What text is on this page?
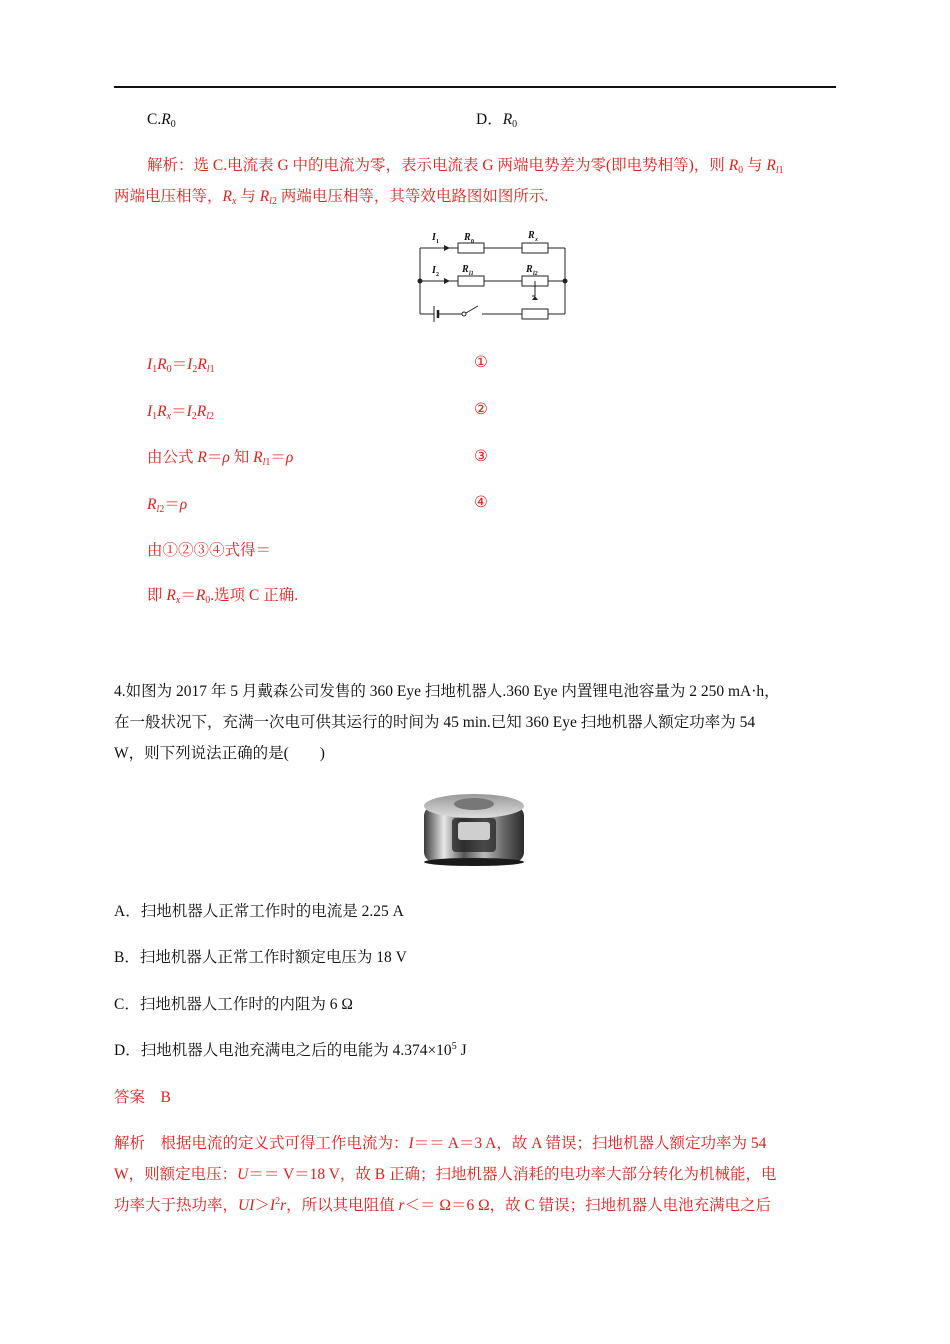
$C.R_0$	D．$R_0$
解析：选 C.电流表 G 中的电流为零，表示电流表 G 两端电势差为零(即电势相等)，则 $R_0$ 与 $R_{l1}$
两端电压相等，$R_x$ 与 $R_{l2}$ 两端电压相等，其等效电路图如图所示.
I 1	R 0
R x
I 2 R l1	R l2
$I_1R_0=I_2R_{l1}$	①
$I_1R_x=I_2R_{l2}$	②
由公式 R＝ρ 知 $R_{l1}=\rho$	③
$R_{l2}=\rho$	④
由①②③④式得＝
即 $R_x=R_0$.选项 C 正确.
4.如图为 2017 年 5 月戴森公司发售的 360 Eye 扫地机器人.360 Eye 内置锂电池容量为 2 250 mA·h，
在一般状况下，充满一次电可供其运行的时间为 45 min.已知 360 Eye 扫地机器人额定功率为 54
W，则下列说法正确的是(　　)
A．扫地机器人正常工作时的电流是 2.25 A
B．扫地机器人正常工作时额定电压为 18 V
C．扫地机器人工作时的内阻为 6 Ω
D．扫地机器人电池充满电之后的电能为 $4.374\times 10^5$ J
答案　B
解析　根据电流的定义式可得工作电流为：I＝＝ A＝3 A，故 A 错误；扫地机器人额定功率为 54
W，则额定电压：U＝＝ V＝18 V，故 B 正确；扫地机器人消耗的电功率大部分转化为机械能，电
功率大于热功率，$UI>I^2r$，所以其电阻值 r＜＝ Ω＝6 Ω，故 C 错误；扫地机器人电池充满电之后
